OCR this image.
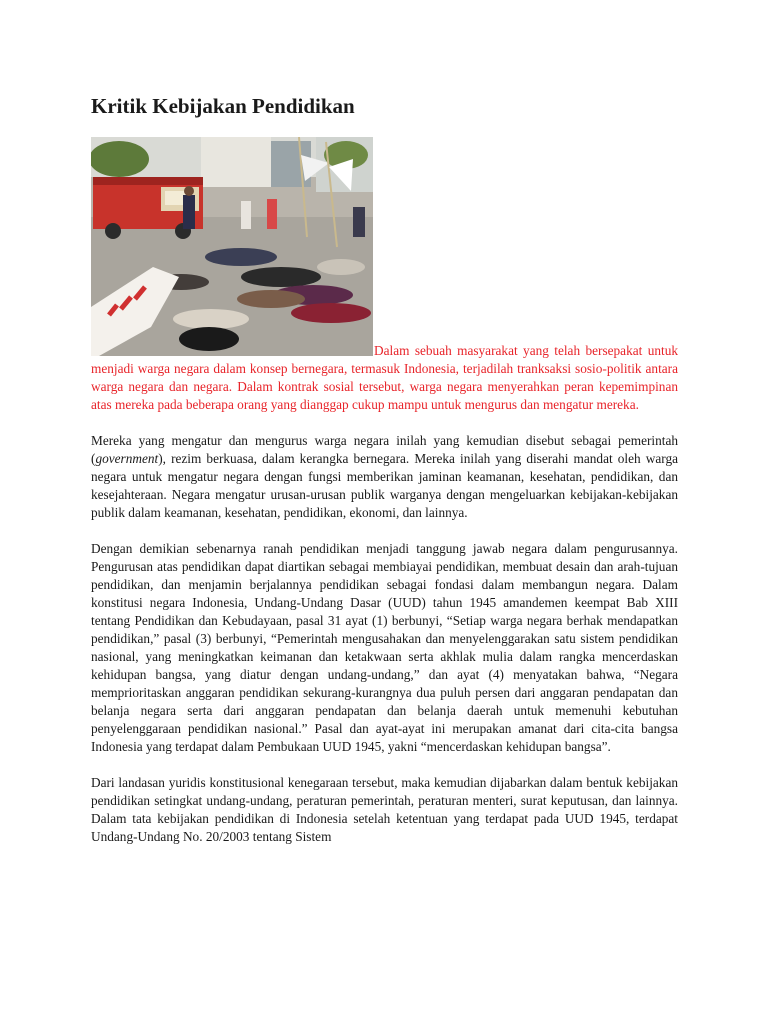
Kritik Kebijakan Pendidikan

Dalam sebuah masyarakat yang telah bersepakat untuk menjadi warga negara dalam konsep bernegara, termasuk Indonesia, terjadilah tranksaksi sosio-politik antara warga negara dan negara. Dalam kontrak sosial tersebut, warga negara menyerahkan peran kepemimpinan atas mereka pada beberapa orang yang dianggap cukup mampu untuk mengurus dan mengatur mereka.

Mereka yang mengatur dan mengurus warga negara inilah yang kemudian disebut sebagai pemerintah (government), rezim berkuasa, dalam kerangka bernegara. Mereka inilah yang diserahi mandat oleh warga negara untuk mengatur negara dengan fungsi memberikan jaminan keamanan, kesehatan, pendidikan, dan kesejahteraan. Negara mengatur urusan-urusan publik warganya dengan mengeluarkan kebijakan-kebijakan publik dalam keamanan, kesehatan, pendidikan, ekonomi, dan lainnya.

Dengan demikian sebenarnya ranah pendidikan menjadi tanggung jawab negara dalam pengurusannya. Pengurusan atas pendidikan dapat diartikan sebagai membiayai pendidikan, membuat desain dan arah-tujuan pendidikan, dan menjamin berjalannya pendidikan sebagai fondasi dalam membangun negara. Dalam konstitusi negara Indonesia, Undang-Undang Dasar (UUD) tahun 1945 amandemen keempat Bab XIII tentang Pendidikan dan Kebudayaan, pasal 31 ayat (1) berbunyi, “Setiap warga negara berhak mendapatkan pendidikan,” pasal (3) berbunyi, “Pemerintah mengusahakan dan menyelenggarakan satu sistem pendidikan nasional, yang meningkatkan keimanan dan ketakwaan serta akhlak mulia dalam rangka mencerdaskan kehidupan bangsa, yang diatur dengan undang-undang,” dan ayat (4) menyatakan bahwa, “Negara memprioritaskan anggaran pendidikan sekurang-kurangnya dua puluh persen dari anggaran pendapatan dan belanja negara serta dari anggaran pendapatan dan belanja daerah untuk memenuhi kebutuhan penyelenggaraan pendidikan nasional.” Pasal dan ayat-ayat ini merupakan amanat dari cita-cita bangsa Indonesia yang terdapat dalam Pembukaan UUD 1945, yakni “mencerdaskan kehidupan bangsa”.

Dari landasan yuridis konstitusional kenegaraan tersebut, maka kemudian dijabarkan dalam bentuk kebijakan pendidikan setingkat undang-undang, peraturan pemerintah, peraturan menteri, surat keputusan, dan lainnya. Dalam tata kebijakan pendidikan di Indonesia setelah ketentuan yang terdapat pada UUD 1945, terdapat Undang-Undang No. 20/2003 tentang Sistem
